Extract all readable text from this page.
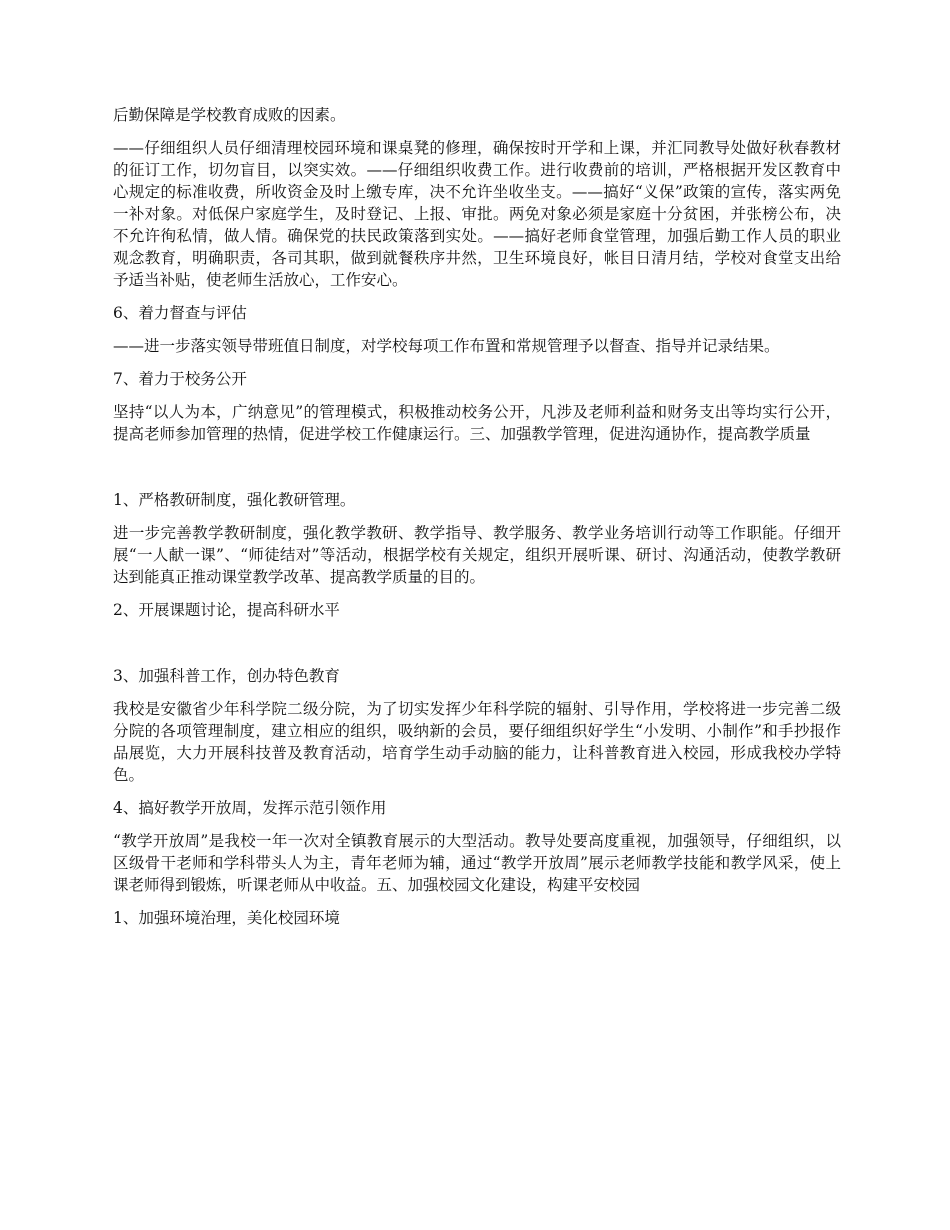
后勤保障是学校教育成败的因素。

——仔细组织人员仔细清理校园环境和课桌凳的修理，确保按时开学和上课，并汇同教导处做好秋春教材的征订工作，切勿盲目，以突实效。——仔细组织收费工作。进行收费前的培训，严格根据开发区教育中心规定的标准收费，所收资金及时上缴专库，决不允许坐收坐支。——搞好“义保”政策的宣传，落实两免一补对象。对低保户家庭学生，及时登记、上报、审批。两免对象必须是家庭十分贫困，并张榜公布，决不允许徇私情，做人情。确保党的扶民政策落到实处。——搞好老师食堂管理，加强后勤工作人员的职业观念教育，明确职责，各司其职，做到就餐秩序井然，卫生环境良好，帐目日清月结，学校对食堂支出给予适当补贴，使老师生活放心，工作安心。

6、着力督查与评估

——进一步落实领导带班值日制度，对学校每项工作布置和常规管理予以督查、指导并记录结果。

7、着力于校务公开

坚持“以人为本，广纳意见”的管理模式，积极推动校务公开，凡涉及老师利益和财务支出等均实行公开，提高老师参加管理的热情，促进学校工作健康运行。三、加强教学管理，促进沟通协作，提高教学质量

1、严格教研制度，强化教研管理。

进一步完善教学教研制度，强化教学教研、教学指导、教学服务、教学业务培训行动等工作职能。仔细开展“一人献一课”、“师徒结对”等活动，根据学校有关规定，组织开展听课、研讨、沟通活动，使教学教研达到能真正推动课堂教学改革、提高教学质量的目的。

2、开展课题讨论，提高科研水平

3、加强科普工作，创办特色教育

我校是安徽省少年科学院二级分院，为了切实发挥少年科学院的辐射、引导作用，学校将进一步完善二级分院的各项管理制度，建立相应的组织，吸纳新的会员，要仔细组织好学生“小发明、小制作”和手抄报作品展览，大力开展科技普及教育活动，培育学生动手动脑的能力，让科普教育进入校园，形成我校办学特色。

4、搞好教学开放周，发挥示范引领作用

“教学开放周”是我校一年一次对全镇教育展示的大型活动。教导处要高度重视，加强领导，仔细组织，以区级骨干老师和学科带头人为主，青年老师为辅，通过“教学开放周”展示老师教学技能和教学风采，使上课老师得到锻炼，听课老师从中收益。五、加强校园文化建设，构建平安校园

1、加强环境治理，美化校园环境
